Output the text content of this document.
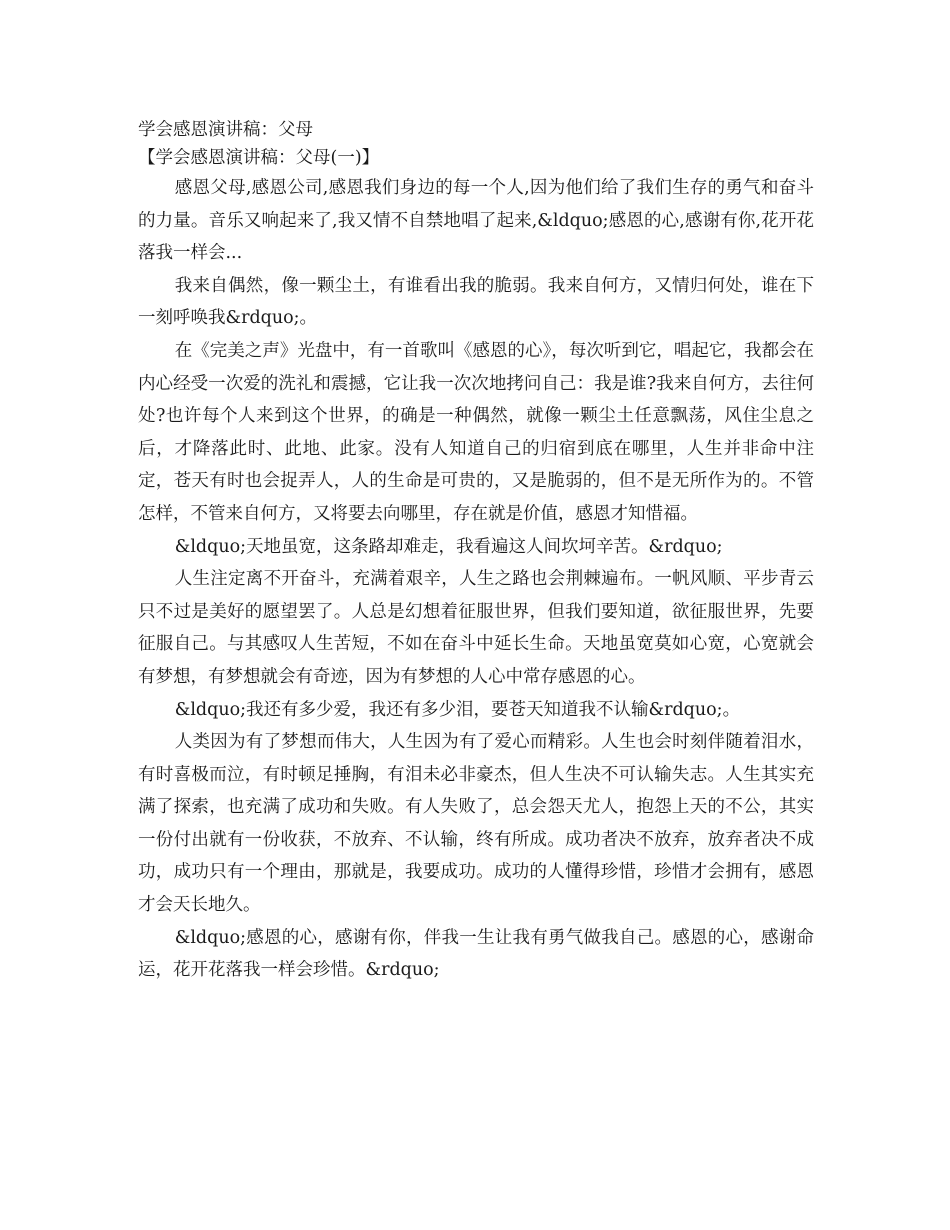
学会感恩演讲稿：父母

【学会感恩演讲稿：父母(一)】

感恩父母,感恩公司,感恩我们身边的每一个人,因为他们给了我们生存的勇气和奋斗的力量。音乐又响起来了,我又情不自禁地唱了起来,&ldquo;感恩的心,感谢有你,花开花落我一样会...

我来自偶然，像一颗尘土，有谁看出我的脆弱。我来自何方，又情归何处，谁在下一刻呼唤我&rdquo;。

在《完美之声》光盘中，有一首歌叫《感恩的心》，每次听到它，唱起它，我都会在内心经受一次爱的洗礼和震撼，它让我一次次地拷问自己：我是谁?我来自何方，去往何处?也许每个人来到这个世界，的确是一种偶然，就像一颗尘土任意飘荡，风住尘息之后，才降落此时、此地、此家。没有人知道自己的归宿到底在哪里，人生并非命中注定，苍天有时也会捉弄人，人的生命是可贵的，又是脆弱的，但不是无所作为的。不管怎样，不管来自何方，又将要去向哪里，存在就是价值，感恩才知惜福。

&ldquo;天地虽宽，这条路却难走，我看遍这人间坎坷辛苦。&rdquo;

人生注定离不开奋斗，充满着艰辛，人生之路也会荆棘遍布。一帆风顺、平步青云只不过是美好的愿望罢了。人总是幻想着征服世界，但我们要知道，欲征服世界，先要征服自己。与其感叹人生苦短，不如在奋斗中延长生命。天地虽宽莫如心宽，心宽就会有梦想，有梦想就会有奇迹，因为有梦想的人心中常存感恩的心。

&ldquo;我还有多少爱，我还有多少泪，要苍天知道我不认输&rdquo;。

人类因为有了梦想而伟大，人生因为有了爱心而精彩。人生也会时刻伴随着泪水，有时喜极而泣，有时顿足捶胸，有泪未必非豪杰，但人生决不可认输失志。人生其实充满了探索，也充满了成功和失败。有人失败了，总会怨天尤人，抱怨上天的不公，其实一份付出就有一份收获，不放弃、不认输，终有所成。成功者决不放弃，放弃者决不成功，成功只有一个理由，那就是，我要成功。成功的人懂得珍惜，珍惜才会拥有，感恩才会天长地久。

&ldquo;感恩的心，感谢有你，伴我一生让我有勇气做我自己。感恩的心，感谢命运，花开花落我一样会珍惜。&rdquo;
